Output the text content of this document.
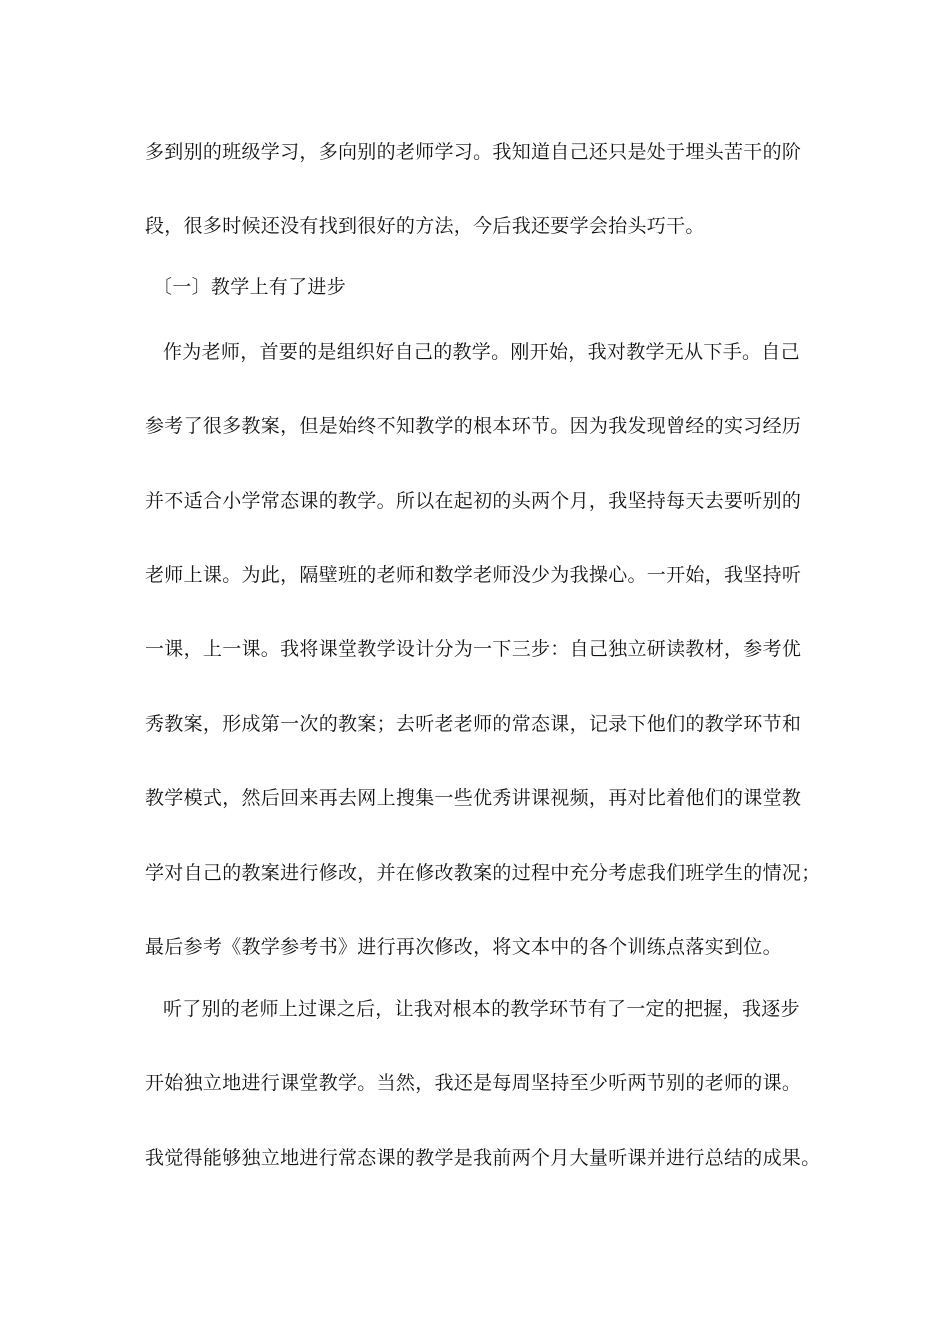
多到别的班级学习，多向别的老师学习。我知道自己还只是处于埋头苦干的阶
段，很多时候还没有找到很好的方法，今后我还要学会抬头巧干。
〔一〕教学上有了进步
作为老师，首要的是组织好自己的教学。刚开始，我对教学无从下手。自己
参考了很多教案，但是始终不知教学的根本环节。因为我发现曾经的实习经历
并不适合小学常态课的教学。所以在起初的头两个月，我坚持每天去要听别的
老师上课。为此，隔壁班的老师和数学老师没少为我操心。一开始，我坚持听
一课，上一课。我将课堂教学设计分为一下三步：自己独立研读教材，参考优
秀教案，形成第一次的教案；去听老老师的常态课，记录下他们的教学环节和
教学模式，然后回来再去网上搜集一些优秀讲课视频，再对比着他们的课堂教
学对自己的教案进行修改，并在修改教案的过程中充分考虑我们班学生的情况；
最后参考《教学参考书》进行再次修改，将文本中的各个训练点落实到位。
听了别的老师上过课之后，让我对根本的教学环节有了一定的把握，我逐步
开始独立地进行课堂教学。当然，我还是每周坚持至少听两节别的老师的课。
我觉得能够独立地进行常态课的教学是我前两个月大量听课并进行总结的成果。
